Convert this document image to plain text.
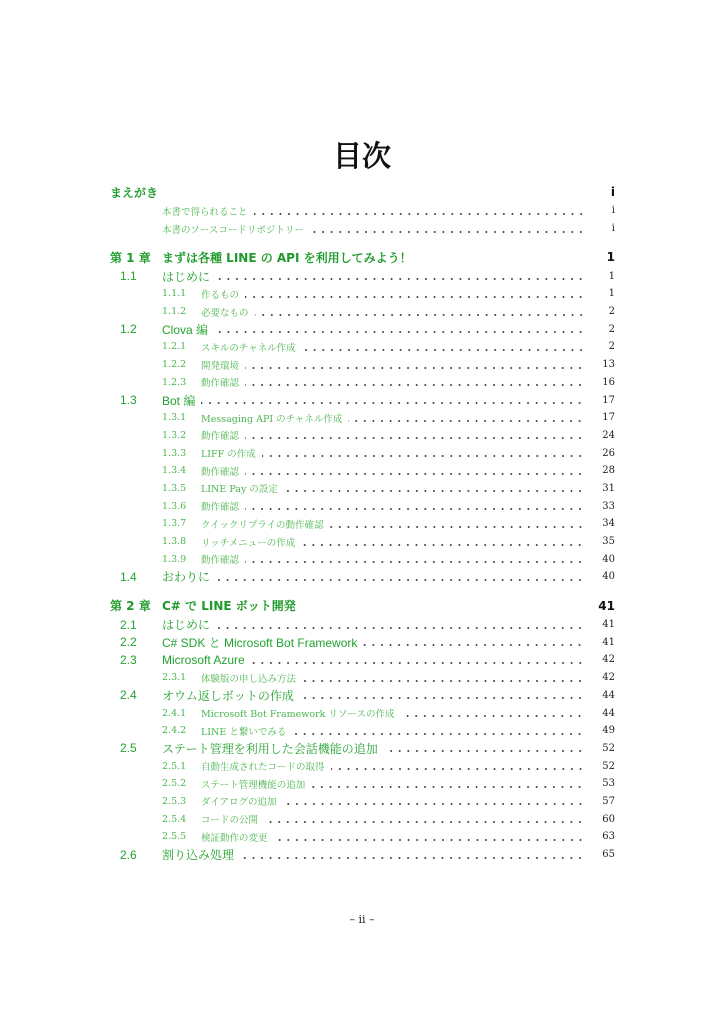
目次
まえがき	i
本書で得られること	i
本書のソースコードリポジトリー	i
第 1 章 まずは各種 LINE の API を利用してみよう！	1
1.1	はじめに	1
1.1.1	作るもの	1
1.1.2	必要なもの	2
1.2	Clova 編	2
1.2.1	スキルのチャネル作成	2
1.2.2	開発環境	13
1.2.3	動作確認	16
1.3	Bot 編	17
1.3.1	Messaging API のチャネル作成	17
1.3.2	動作確認	24
1.3.3	LIFF の作成	26
1.3.4	動作確認	28
1.3.5	LINE Pay の設定	31
1.3.6	動作確認	33
1.3.7	クイックリプライの動作確認	34
1.3.8	リッチメニューの作成	35
1.3.9	動作確認	40
1.4	おわりに	40
第 2 章 C# で LINE ボット開発	41
2.1	はじめに	41
2.2	C# SDK と Microsoft Bot Framework	41
2.3	Microsoft Azure	42
2.3.1	体験版の申し込み方法	42
2.4	オウム返しボットの作成	44
2.4.1	Microsoft Bot Framework リソースの作成	44
2.4.2	LINE と繋いでみる	49
2.5	ステート管理を利用した会話機能の追加	52
2.5.1	自動生成されたコードの取得	52
2.5.2	ステート管理機能の追加	53
2.5.3	ダイアログの追加	57
2.5.4	コードの公開	60
2.5.5	検証動作の変更	63
2.6	割り込み処理	65
– ii –
